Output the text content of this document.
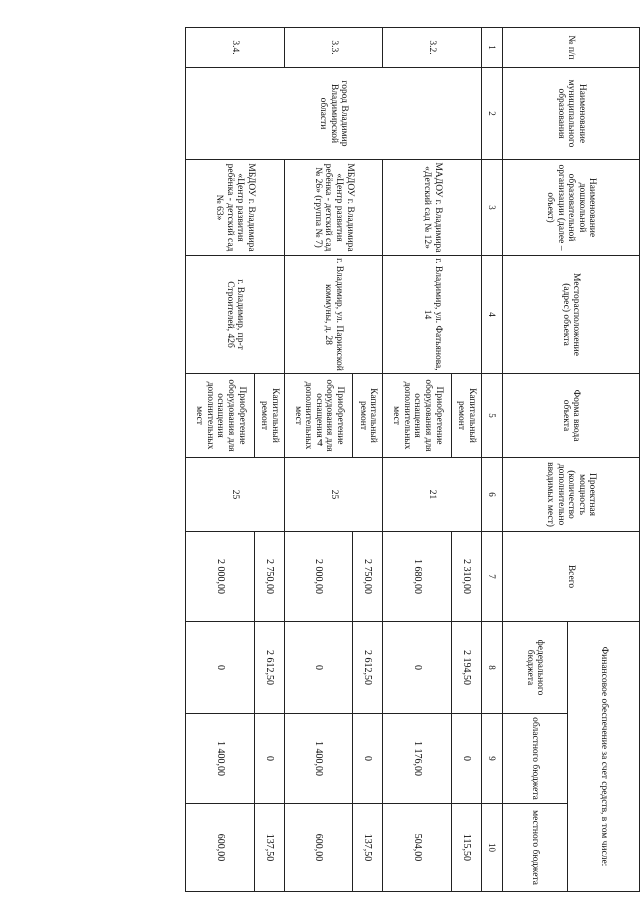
4
№ п/п	Наименование муниципального образования	Наименование дошкольной образовательной организации (далее – объект)	Месторасположение (адрес) объекта	Форма ввода объекта	Проектная мощность (количество дополнительно вводимых мест)	Всего	Финансовое обеспечение за счет средств, в том числе:		
							федерального бюджета	областного бюджета	местного бюджета
1	2	3	4	5	6	7	8	9	10
3.2.	город Владимир Владимирской области	МАДОУ г. Владимира «Детский сад № 12»	г. Владимир, ул. Фатьянова, 14	Капитальный ремонт	21	2 310,00	2 194,50	0	115,50
				Приобретение оборудования для оснащения дополнительных мест		1 680,00	0	1 176,00	504,00
3.3.		МБДОУ г. Владимира «Центр развития ребёнка - детский сад № 26» (группа № 7)	г. Владимир, ул. Парижской коммуны, д. 28	Капитальный ремонт	25	2 750,00	2 612,50	0	137,50
				Приобретение оборудования для оснащения дополнительных мест		2 000,00	0	1 400,00	600,00
3.4.		МБДОУ г. Владимира «Центр развития ребёнка - детский сад № 63»	г. Владимир, пр-т Строителей, 42б	Капитальный ремонт	25	2 750,00	2 612,50	0	137,50
				Приобретение оборудования для оснащения дополнительных мест		2 000,00	0	1 400,00	600,00
